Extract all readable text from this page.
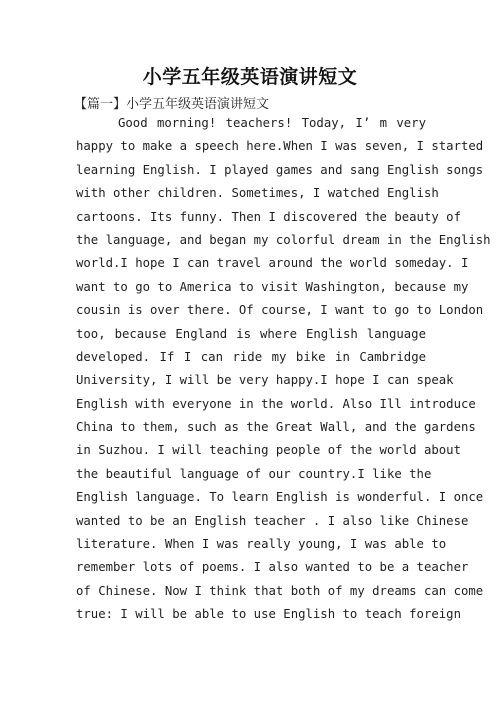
小学五年级英语演讲短文
【篇一】小学五年级英语演讲短文
Good morning! teachers! Today, I’ m very
happy to make a speech here.When I was seven, I started
learning English. I played games and sang English songs
with other children. Sometimes, I watched English
cartoons. Its funny. Then I discovered the beauty of
the language, and began my colorful dream in the English
world.I hope I can travel around the world someday. I
want to go to America to visit Washington, because my
cousin is over there. Of course, I want to go to London
too, because England is where English language
developed. If I can ride my bike in Cambridge
University, I will be very happy.I hope I can speak
English with everyone in the world. Also Ill introduce
China to them, such as the Great Wall, and the gardens
in Suzhou. I will teaching people of the world about
the beautiful language of our country.I like the
English language. To learn English is wonderful. I once
wanted to be an English teacher . I also like Chinese
literature. When I was really young, I was able to
remember lots of poems. I also wanted to be a teacher
of Chinese. Now I think that both of my dreams can come
true: I will be able to use English to teach foreign
